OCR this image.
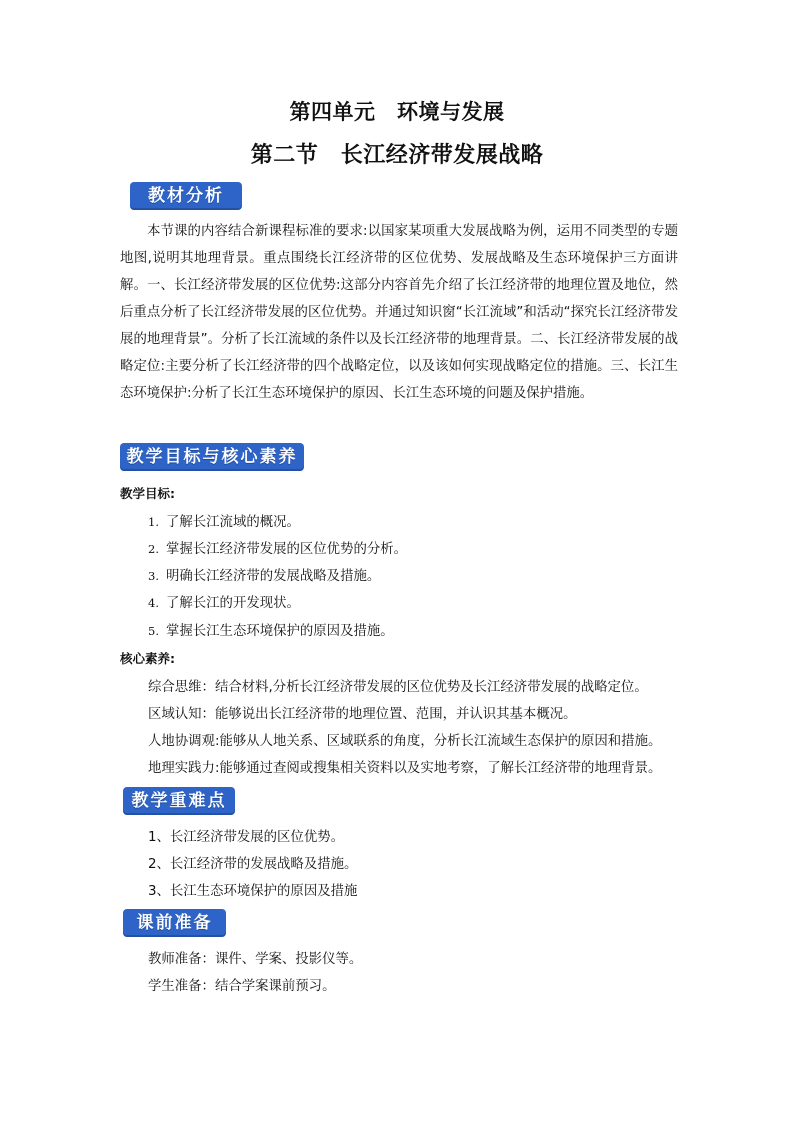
第四单元　环境与发展
第二节　长江经济带发展战略
教材分析
本节课的内容结合新课程标准的要求:以国家某项重大发展战略为例，运用不同类型的专题地图,说明其地理背景。重点围绕长江经济带的区位优势、发展战略及生态环境保护三方面讲解。一、长江经济带发展的区位优势:这部分内容首先介绍了长江经济带的地理位置及地位，然后重点分析了长江经济带发展的区位优势。并通过知识窗“长江流域”和活动“探究长江经济带发展的地理背景”。分析了长江流域的条件以及长江经济带的地理背景。二、长江经济带发展的战略定位:主要分析了长江经济带的四个战略定位，以及该如何实现战略定位的措施。三、长江生态环境保护:分析了长江生态环境保护的原因、长江生态环境的问题及保护措施。
教学目标与核心素养
教学目标:
1. 了解长江流域的概况。
2. 掌握长江经济带发展的区位优势的分析。
3. 明确长江经济带的发展战略及措施。
4. 了解长江的开发现状。
5. 掌握长江生态环境保护的原因及措施。
核心素养:
综合思维：结合材料,分析长江经济带发展的区位优势及长江经济带发展的战略定位。
区域认知：能够说出长江经济带的地理位置、范围，并认识其基本概况。
人地协调观:能够从人地关系、区域联系的角度，分析长江流域生态保护的原因和措施。
地理实践力:能够通过查阅或搜集相关资料以及实地考察，了解长江经济带的地理背景。
教学重难点
1、长江经济带发展的区位优势。
2、长江经济带的发展战略及措施。
3、长江生态环境保护的原因及措施
课前准备
教师准备：课件、学案、投影仪等。
学生准备：结合学案课前预习。
